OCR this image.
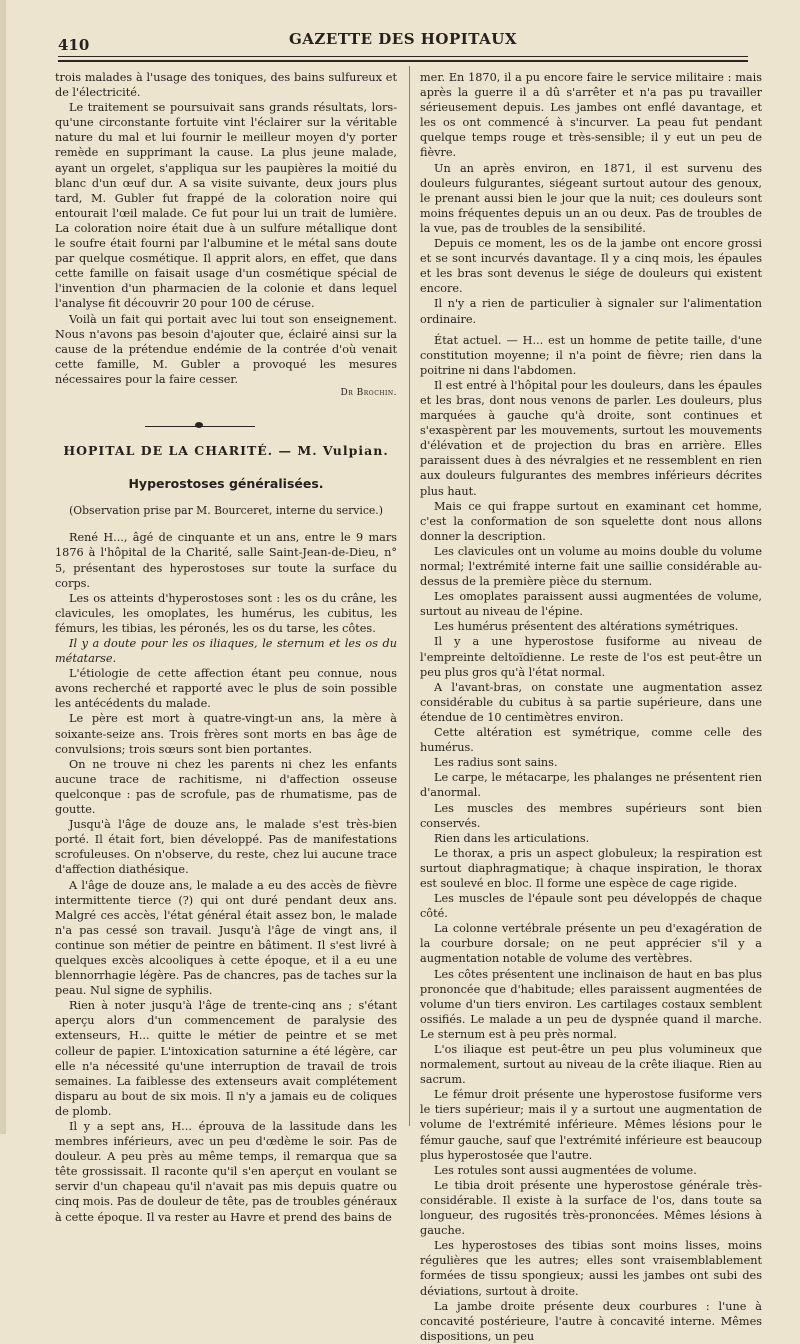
410	GAZETTE DES HOPITAUX

trois malades à l'usage des toniques, des bains sulfureux et de l'électricité.

Le traitement se poursuivait sans grands résultats, lors-qu'une circonstante fortuite vint l'éclairer sur la véritable nature du mal et lui fournir le meilleur moyen d'y porter remède en supprimant la cause. La plus jeune malade, ayant un orgelet, s'appliqua sur les paupières la moitié du blanc d'un œuf dur. A sa visite suivante, deux jours plus tard, M. Gubler fut frappé de la coloration noire qui entourait l'œil malade. Ce fut pour lui un trait de lumière. La coloration noire était due à un sulfure métallique dont le soufre était fourni par l'albumine et le métal sans doute par quelque cosmétique. Il apprit alors, en effet, que dans cette famille on faisait usage d'un cosmétique spécial de l'invention d'un pharmacien de la colonie et dans lequel l'analyse fit découvrir 20 pour 100 de céruse.

Voilà un fait qui portait avec lui tout son enseignement. Nous n'avons pas besoin d'ajouter que, éclairé ainsi sur la cause de la prétendue endémie de la contrée d'où venait cette famille, M. Gubler a provoqué les mesures nécessaires pour la faire cesser.

Dr Brochin.
HOPITAL DE LA CHARITÉ. — M. Vulpian.
Hyperostoses généralisées.
(Observation prise par M. Bourceret, interne du service.)

René H..., âgé de cinquante et un ans, entre le 9 mars 1876 à l'hôpital de la Charité, salle Saint-Jean-de-Dieu, n° 5, présentant des hyperostoses sur toute la surface du corps.

Les os atteints d'hyperostoses sont : les os du crâne, les clavicules, les omoplates, les humérus, les cubitus, les fémurs, les tibias, les péronés, les os du tarse, les côtes.

Il y a doute pour les os iliaques, le sternum et les os du métatarse.

L'étiologie de cette affection étant peu connue, nous avons recherché et rapporté avec le plus de soin possible les antécédents du malade.

Le père est mort à quatre-vingt-un ans, la mère à soixante-seize ans. Trois frères sont morts en bas âge de convulsions; trois sœurs sont bien portantes.

On ne trouve ni chez les parents ni chez les enfants aucune trace de rachitisme, ni d'affection osseuse quelconque : pas de scrofule, pas de rhumatisme, pas de goutte.

Jusqu'à l'âge de douze ans, le malade s'est très-bien porté. Il était fort, bien développé. Pas de manifestations scrofuleuses. On n'observe, du reste, chez lui aucune trace d'affection diathésique.

A l'âge de douze ans, le malade a eu des accès de fièvre intermittente tierce (?) qui ont duré pendant deux ans. Malgré ces accès, l'état général était assez bon, le malade n'a pas cessé son travail. Jusqu'à l'âge de vingt ans, il continue son métier de peintre en bâtiment. Il s'est livré à quelques excès alcooliques à cette époque, et il a eu une blennorrhagie légère. Pas de chancres, pas de taches sur la peau. Nul signe de syphilis.

Rien à noter jusqu'à l'âge de trente-cinq ans ; s'étant aperçu alors d'un commencement de paralysie des extenseurs, H... quitte le métier de peintre et se met colleur de papier. L'intoxication saturnine a été légère, car elle n'a nécessité qu'une interruption de travail de trois semaines. La faiblesse des extenseurs avait complétement disparu au bout de six mois. Il n'y a jamais eu de coliques de plomb.

Il y a sept ans, H... éprouva de la lassitude dans les membres inférieurs, avec un peu d'œdème le soir. Pas de douleur. A peu près au même temps, il remarqua que sa tête grossissait. Il raconte qu'il s'en aperçut en voulant se servir d'un chapeau qu'il n'avait pas mis depuis quatre ou cinq mois. Pas de douleur de tête, pas de troubles généraux à cette époque. Il va rester au Havre et prend des bains de

mer. En 1870, il a pu encore faire le service militaire : mais après la guerre il a dû s'arrêter et n'a pas pu travailler sérieusement depuis. Les jambes ont enflé davantage, et les os ont commencé à s'incurver. La peau fut pendant quelque temps rouge et très-sensible; il y eut un peu de fièvre.

Un an après environ, en 1871, il est survenu des douleurs fulgurantes, siégeant surtout autour des genoux, le prenant aussi bien le jour que la nuit; ces douleurs sont moins fréquentes depuis un an ou deux. Pas de troubles de la vue, pas de troubles de la sensibilité.

Depuis ce moment, les os de la jambe ont encore grossi et se sont incurvés davantage. Il y a cinq mois, les épaules et les bras sont devenus le siége de douleurs qui existent encore.

Il n'y a rien de particulier à signaler sur l'alimentation ordinaire.

État actuel. — H... est un homme de petite taille, d'une constitution moyenne; il n'a point de fièvre; rien dans la poitrine ni dans l'abdomen.

Il est entré à l'hôpital pour les douleurs, dans les épaules et les bras, dont nous venons de parler. Les douleurs, plus marquées à gauche qu'à droite, sont continues et s'exaspèrent par les mouvements, surtout les mouvements d'élévation et de projection du bras en arrière. Elles paraissent dues à des névralgies et ne ressemblent en rien aux douleurs fulgurantes des membres inférieurs décrites plus haut.

Mais ce qui frappe surtout en examinant cet homme, c'est la conformation de son squelette dont nous allons donner la description.

Les clavicules ont un volume au moins double du volume normal; l'extrémité interne fait une saillie considérable au-dessus de la première pièce du sternum.

Les omoplates paraissent aussi augmentées de volume, surtout au niveau de l'épine.

Les humérus présentent des altérations symétriques.

Il y a une hyperostose fusiforme au niveau de l'empreinte deltoïdienne. Le reste de l'os est peut-être un peu plus gros qu'à l'état normal.

A l'avant-bras, on constate une augmentation assez considérable du cubitus à sa partie supérieure, dans une étendue de 10 centimètres environ.

Cette altération est symétrique, comme celle des humérus.

Les radius sont sains.

Le carpe, le métacarpe, les phalanges ne présentent rien d'anormal.

Les muscles des membres supérieurs sont bien conservés.

Rien dans les articulations.

Le thorax, a pris un aspect globuleux; la respiration est surtout diaphragmatique; à chaque inspiration, le thorax est soulevé en bloc. Il forme une espèce de cage rigide.

Les muscles de l'épaule sont peu développés de chaque côté.

La colonne vertébrale présente un peu d'exagération de la courbure dorsale; on ne peut apprécier s'il y a augmentation notable de volume des vertèbres.

Les côtes présentent une inclinaison de haut en bas plus prononcée que d'habitude; elles paraissent augmentées de volume d'un tiers environ. Les cartilages costaux semblent ossifiés. Le malade a un peu de dyspnée quand il marche. Le sternum est à peu près normal.

L'os iliaque est peut-être un peu plus volumineux que normalement, surtout au niveau de la crête iliaque. Rien au sacrum.

Le fémur droit présente une hyperostose fusiforme vers le tiers supérieur; mais il y a surtout une augmentation de volume de l'extrémité inférieure. Mêmes lésions pour le fémur gauche, sauf que l'extrémité inférieure est beaucoup plus hyperostosée que l'autre.

Les rotules sont aussi augmentées de volume.

Le tibia droit présente une hyperostose générale très-considérable. Il existe à la surface de l'os, dans toute sa longueur, des rugosités très-prononcées. Mêmes lésions à gauche.

Les hyperostoses des tibias sont moins lisses, moins régulières que les autres; elles sont vraisemblablement formées de tissu spongieux; aussi les jambes ont subi des déviations, surtout à droite.

La jambe droite présente deux courbures : l'une à concavité postérieure, l'autre à concavité interne. Mêmes dispositions, un peu
